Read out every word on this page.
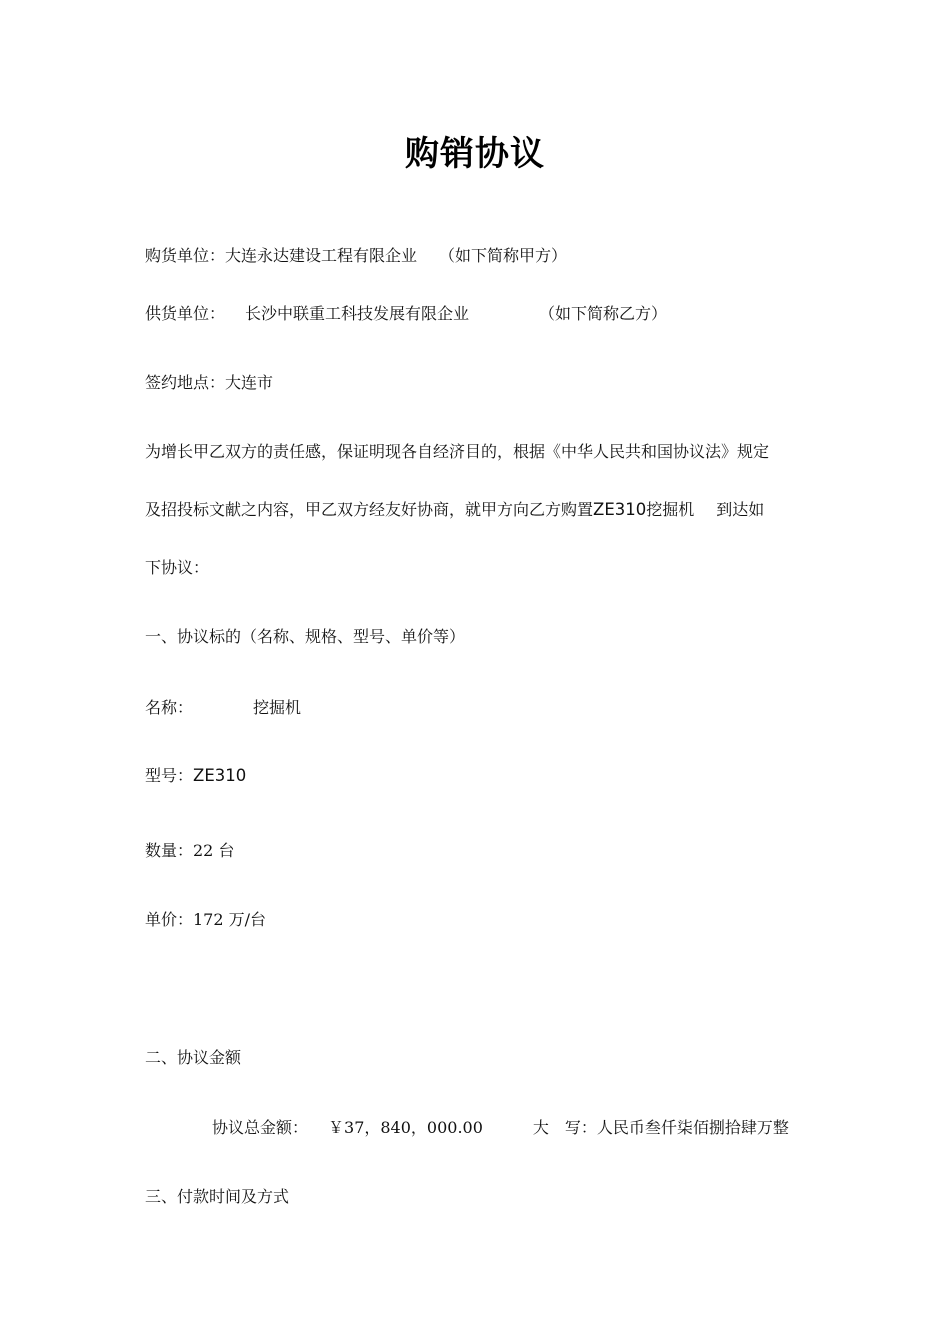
购销协议
购货单位：大连永达建设工程有限企业 （如下简称甲方）
供货单位： 长沙中联重工科技发展有限企业	（如下简称乙方）
签约地点：大连市
为增长甲乙双方的责任感，保证明现各自经济目的，根据《中华人民共和国协议法》规定
及招投标文献之内容，甲乙双方经友好协商，就甲方向乙方购置ZE310挖掘机 到达如
下协议：
一、协议标的（名称、规格、型号、单价等）
名称：	挖掘机
型号：ZE310
数量：22 台
单价：172 万/台
二、协议金额
协议总金额： ￥37，840，000.00	大　写：人民币叁仟柒佰捌拾肆万整
三、付款时间及方式
